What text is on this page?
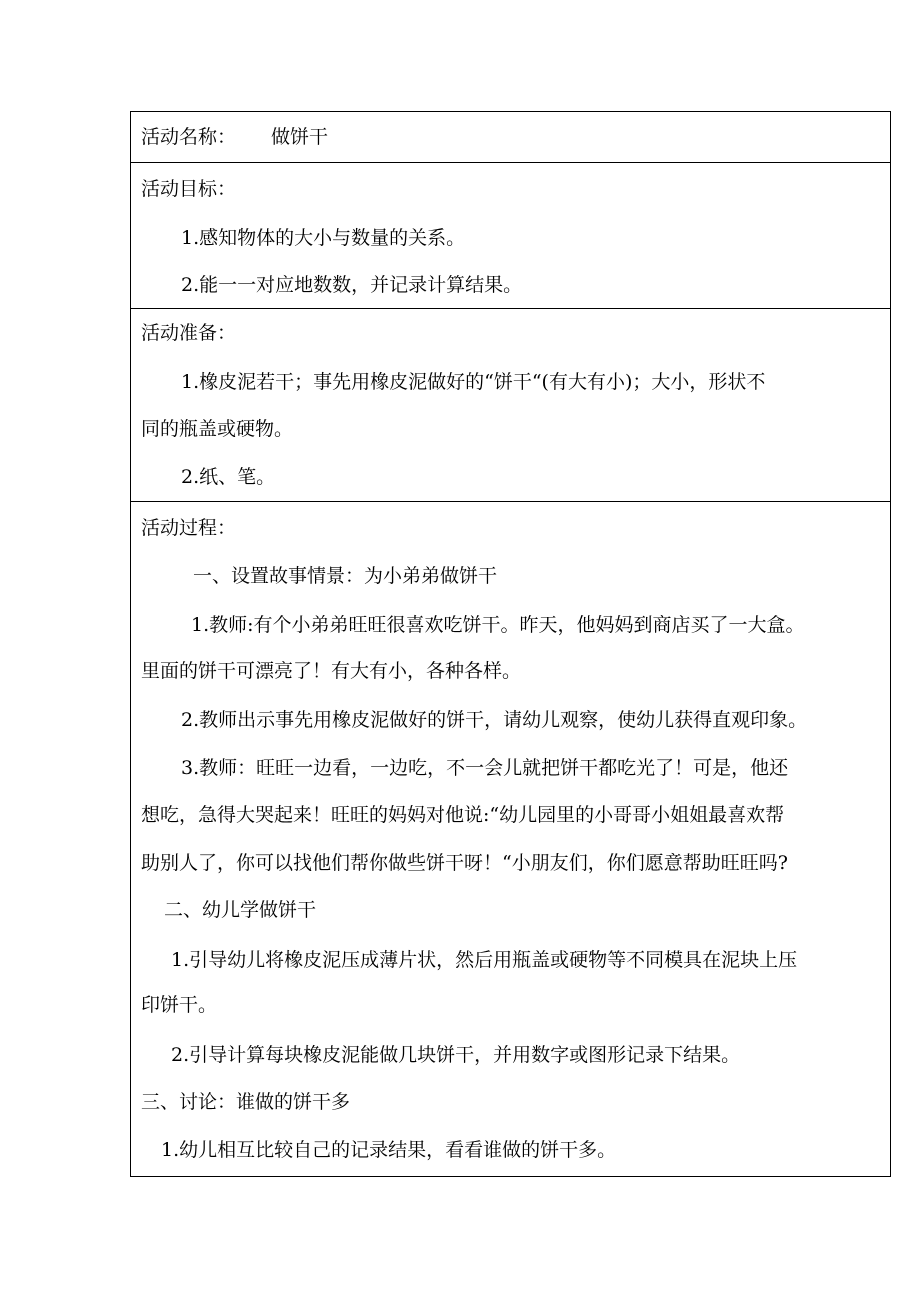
活动名称： 做饼干
活动目标：
1.感知物体的大小与数量的关系。
2.能一一对应地数数，并记录计算结果。
活动准备：
1.橡皮泥若干；事先用橡皮泥做好的“饼干“(有大有小)；大小，形状不
同的瓶盖或硬物。
2.纸、笔。
活动过程：
一、设置故事情景：为小弟弟做饼干
1.教师:有个小弟弟旺旺很喜欢吃饼干。昨天，他妈妈到商店买了一大盒。
里面的饼干可漂亮了！有大有小，各种各样。
2.教师出示事先用橡皮泥做好的饼干，请幼儿观察，使幼儿获得直观印象。
3.教师：旺旺一边看，一边吃，不一会儿就把饼干都吃光了！可是，他还
想吃，急得大哭起来！旺旺的妈妈对他说:“幼儿园里的小哥哥小姐姐最喜欢帮
助别人了，你可以找他们帮你做些饼干呀！“小朋友们，你们愿意帮助旺旺吗?
二、幼儿学做饼干
1.引导幼儿将橡皮泥压成薄片状，然后用瓶盖或硬物等不同模具在泥块上压
印饼干。
2.引导计算每块橡皮泥能做几块饼干，并用数字或图形记录下结果。
三、讨论：谁做的饼干多
1.幼儿相互比较自己的记录结果，看看谁做的饼干多。
